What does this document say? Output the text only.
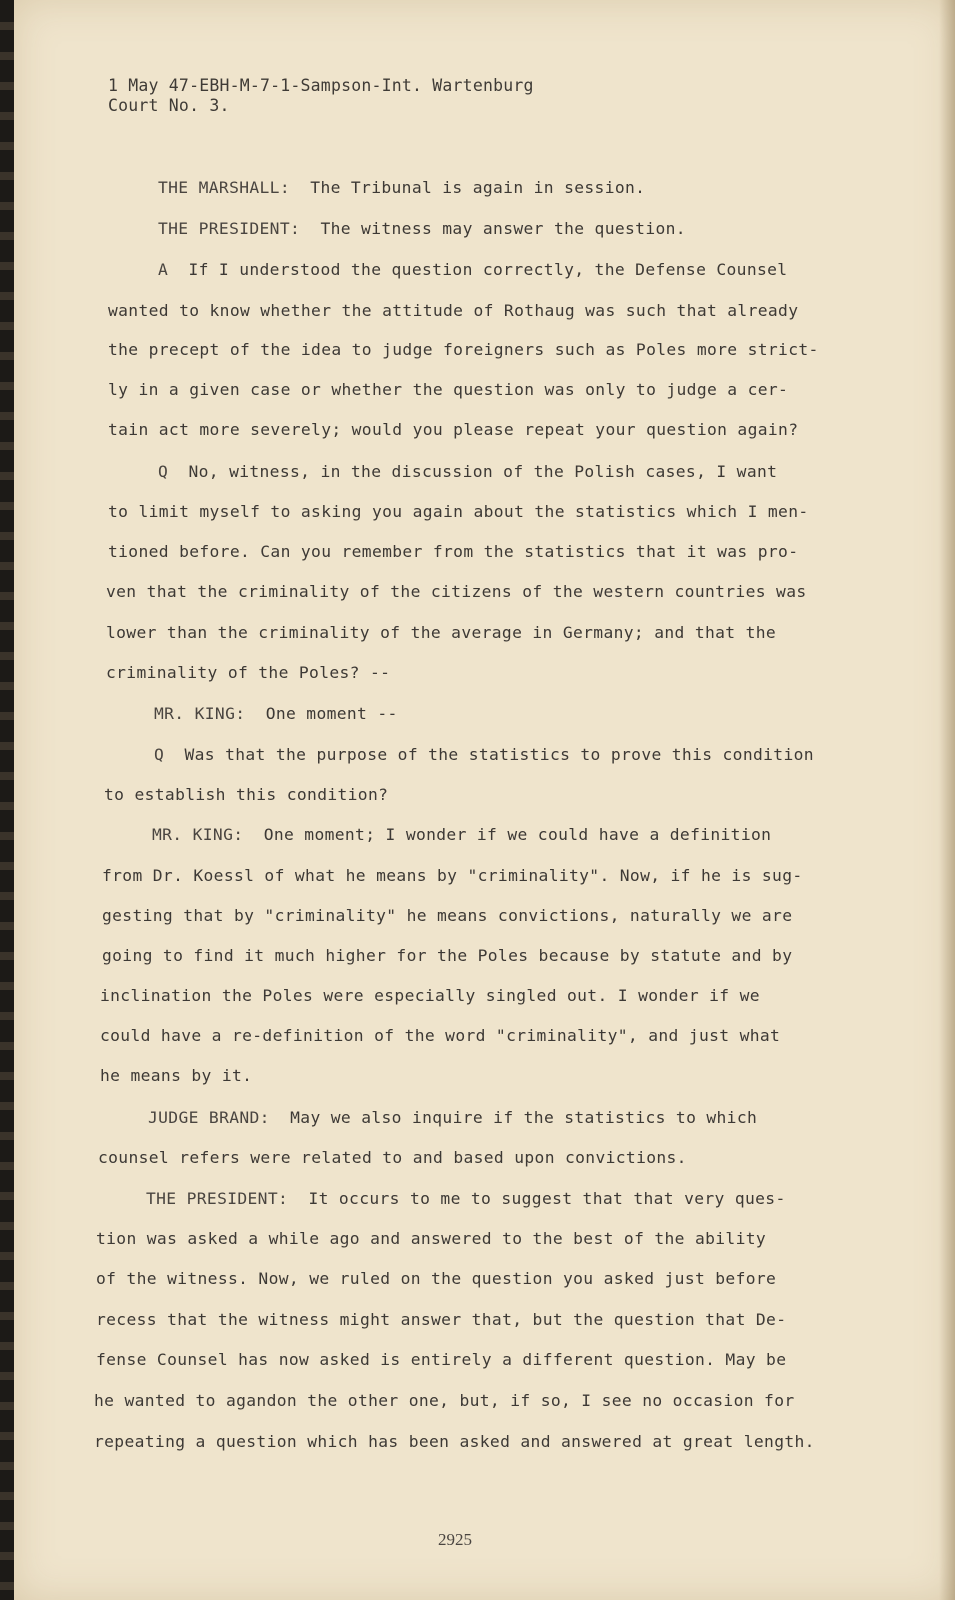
1 May 47-EBH-M-7-1-Sampson-Int. Wartenburg
Court No. 3.
THE MARSHALL: The Tribunal is again in session.
THE PRESIDENT: The witness may answer the question.
A If I understood the question correctly, the Defense Counsel
wanted to know whether the attitude of Rothaug was such that already
the precept of the idea to judge foreigners such as Poles more strict-
ly in a given case or whether the question was only to judge a cer-
tain act more severely; would you please repeat your question again?
Q No, witness, in the discussion of the Polish cases, I want
to limit myself to asking you again about the statistics which I men-
tioned before. Can you remember from the statistics that it was pro-
ven that the criminality of the citizens of the western countries was
lower than the criminality of the average in Germany; and that the
criminality of the Poles? --
MR. KING: One moment --
Q Was that the purpose of the statistics to prove this condition
to establish this condition?
MR. KING: One moment; I wonder if we could have a definition
from Dr. Koessl of what he means by "criminality". Now, if he is sug-
gesting that by "criminality" he means convictions, naturally we are
going to find it much higher for the Poles because by statute and by
inclination the Poles were especially singled out. I wonder if we
could have a re-definition of the word "criminality", and just what
he means by it.
JUDGE BRAND: May we also inquire if the statistics to which
counsel refers were related to and based upon convictions.
THE PRESIDENT: It occurs to me to suggest that that very ques-
tion was asked a while ago and answered to the best of the ability
of the witness. Now, we ruled on the question you asked just before
recess that the witness might answer that, but the question that De-
fense Counsel has now asked is entirely a different question. May be
he wanted to agandon the other one, but, if so, I see no occasion for
repeating a question which has been asked and answered at great length.
2925
